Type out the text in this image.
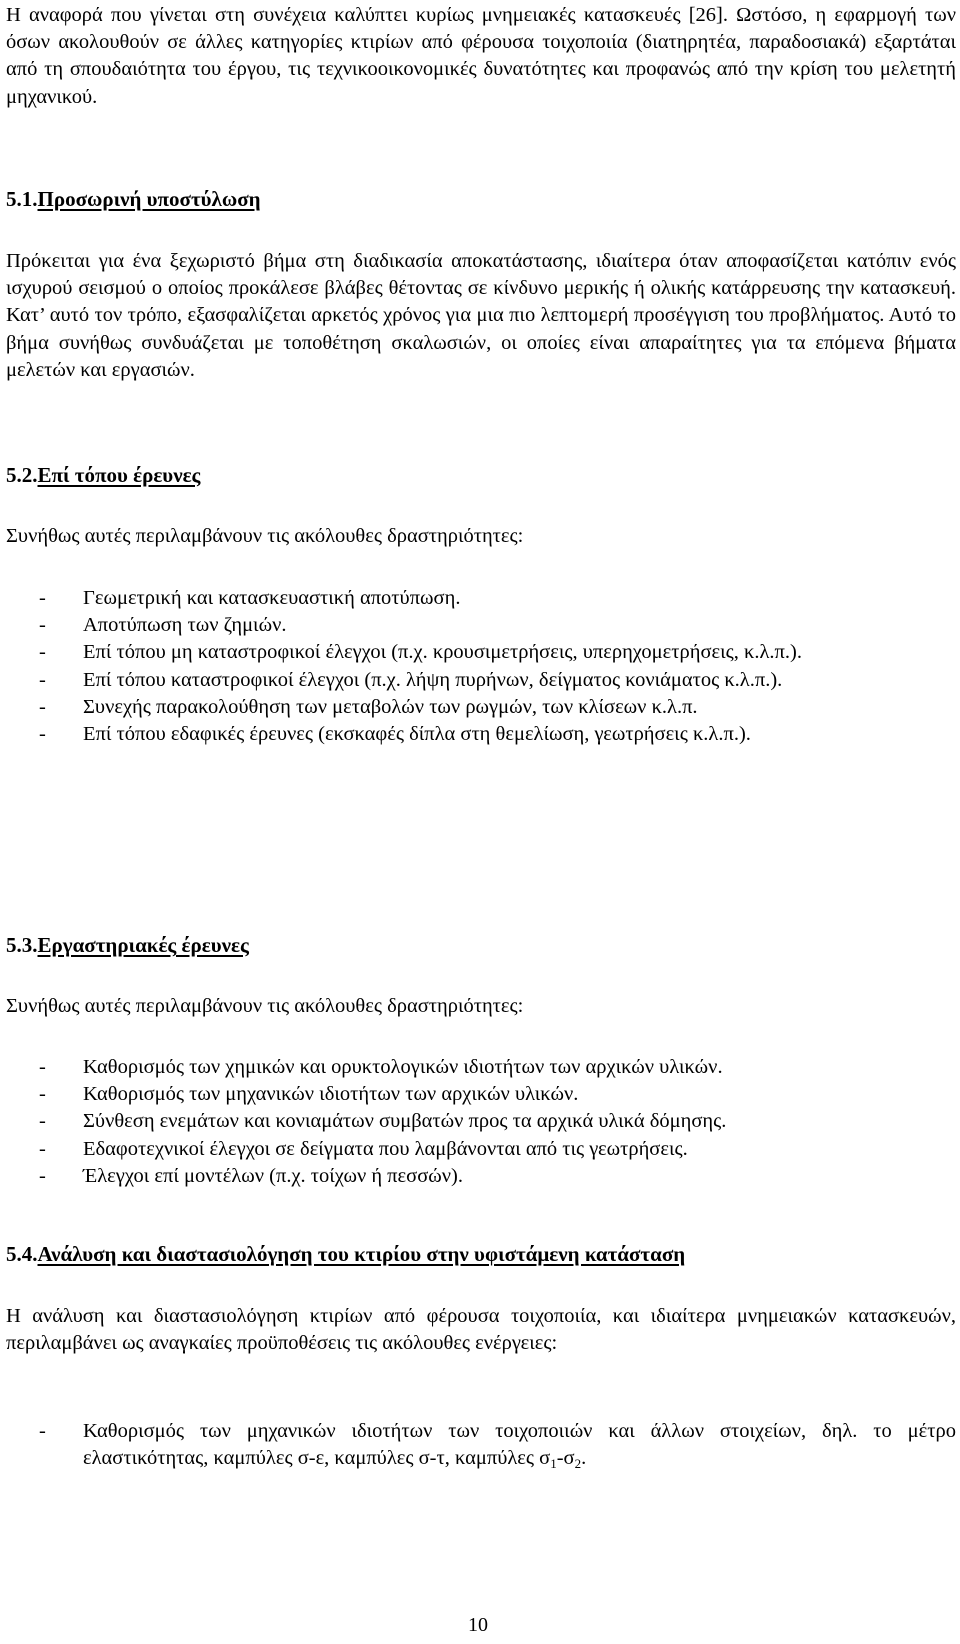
Η αναφορά που γίνεται στη συνέχεια καλύπτει κυρίως μνημειακές κατασκευές [26]. Ωστόσο, η εφαρμογή των όσων ακολουθούν σε άλλες κατηγορίες κτιρίων από φέρουσα τοιχοποιία (διατηρητέα, παραδοσιακά) εξαρτάται από τη σπουδαιότητα του έργου, τις τεχνικοοικονομικές δυνατότητες και προφανώς από την κρίση του μελετητή μηχανικού.

5.1.Προσωρινή υποστύλωση

Πρόκειται για ένα ξεχωριστό βήμα στη διαδικασία αποκατάστασης, ιδιαίτερα όταν αποφασίζεται κατόπιν ενός ισχυρού σεισμού ο οποίος προκάλεσε βλάβες θέτοντας σε κίνδυνο μερικής ή ολικής κατάρρευσης την κατασκευή. Κατ’ αυτό τον τρόπο, εξασφαλίζεται αρκετός χρόνος για μια πιο λεπτομερή προσέγγιση του προβλήματος. Αυτό το βήμα συνήθως συνδυάζεται με τοποθέτηση σκαλωσιών, οι οποίες είναι απαραίτητες για τα επόμενα βήματα μελετών και εργασιών.

5.2.Επί τόπου έρευνες

Συνήθως αυτές περιλαμβάνουν τις ακόλουθες δραστηριότητες:

- Γεωμετρική και κατασκευαστική αποτύπωση.
- Αποτύπωση των ζημιών.
- Επί τόπου μη καταστροφικοί έλεγχοι (π.χ. κρουσιμετρήσεις, υπερηχομετρήσεις, κ.λ.π.).
- Επί τόπου καταστροφικοί έλεγχοι (π.χ. λήψη πυρήνων, δείγματος κονιάματος κ.λ.π.).
- Συνεχής παρακολούθηση των μεταβολών των ρωγμών, των κλίσεων κ.λ.π.
- Επί τόπου εδαφικές έρευνες (εκσκαφές δίπλα στη θεμελίωση, γεωτρήσεις κ.λ.π.).
5.3.Εργαστηριακές έρευνες

Συνήθως αυτές περιλαμβάνουν τις ακόλουθες δραστηριότητες:

- Καθορισμός των χημικών και ορυκτολογικών ιδιοτήτων των αρχικών υλικών.
- Καθορισμός των μηχανικών ιδιοτήτων των αρχικών υλικών.
- Σύνθεση ενεμάτων και κονιαμάτων συμβατών προς τα αρχικά υλικά δόμησης.
- Εδαφοτεχνικοί έλεγχοι σε δείγματα που λαμβάνονται από τις γεωτρήσεις.
- Έλεγχοι επί μοντέλων (π.χ. τοίχων ή πεσσών).
5.4.Ανάλυση και διαστασιολόγηση του κτιρίου στην υφιστάμενη κατάσταση

Η ανάλυση και διαστασιολόγηση κτιρίων από φέρουσα τοιχοποιία, και ιδιαίτερα μνημειακών κατασκευών, περιλαμβάνει ως αναγκαίες προϋποθέσεις τις ακόλουθες ενέργειες:

- Καθορισμός των μηχανικών ιδιοτήτων των τοιχοποιιών και άλλων στοιχείων, δηλ. το μέτρο ελαστικότητας, καμπύλες σ-ε, καμπύλες σ-τ, καμπύλες $\sigma_1-\sigma_2$.
10
